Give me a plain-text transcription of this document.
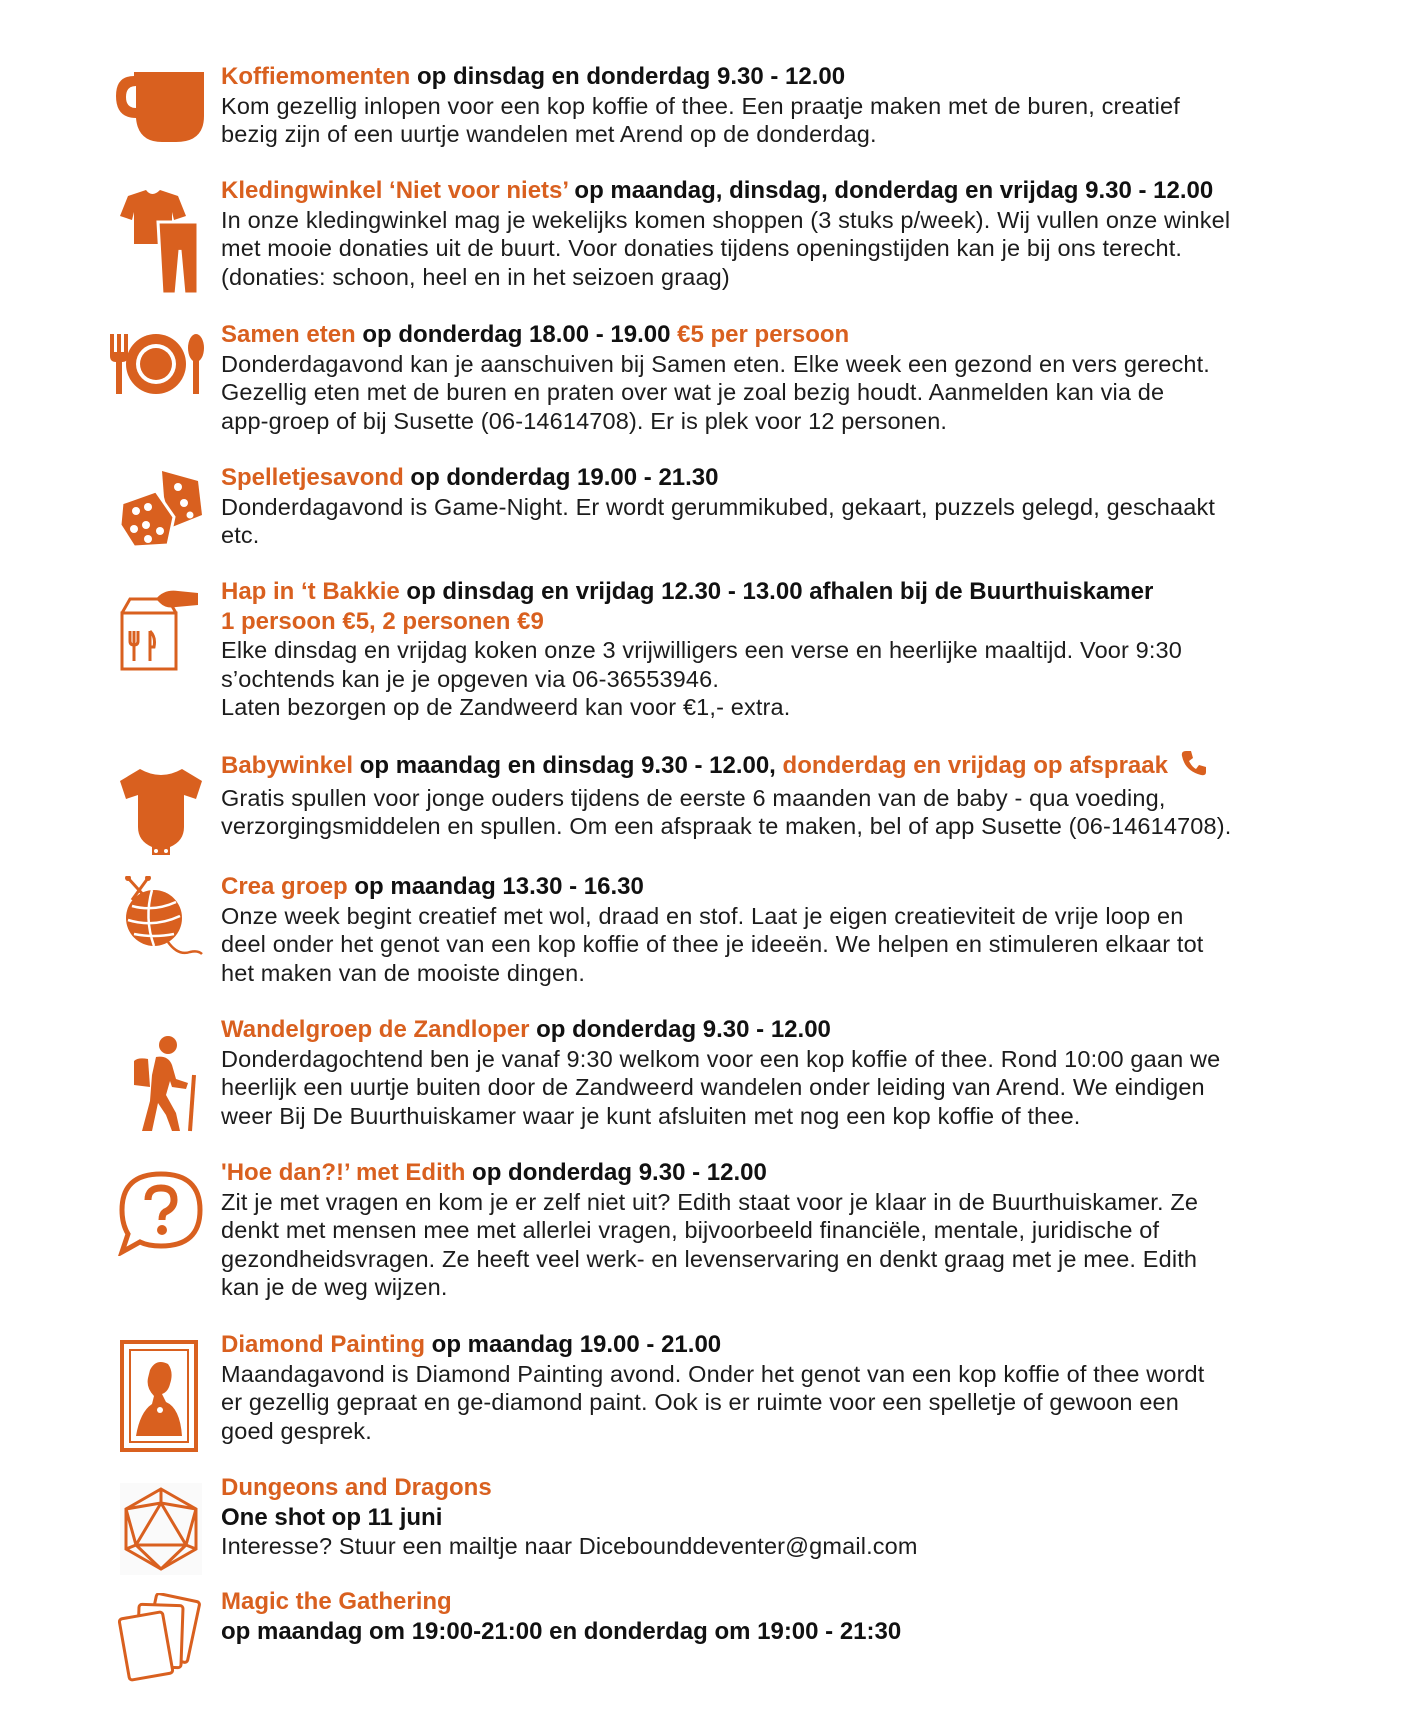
Koffiemomenten op dinsdag en donderdag 9.30 - 12.00
Kom gezellig inlopen voor een kop koffie of thee. Een praatje maken met de buren, creatief
bezig zijn of een uurtje wandelen met Arend op de donderdag.
Kledingwinkel ‘Niet voor niets’ op maandag, dinsdag, donderdag en vrijdag 9.30 - 12.00
In onze kledingwinkel mag je wekelijks komen shoppen (3 stuks p/week). Wij vullen onze winkel
met mooie donaties uit de buurt. Voor donaties tijdens openingstijden kan je bij ons terecht.
(donaties: schoon, heel en in het seizoen graag)
Samen eten op donderdag 18.00 - 19.00 €5 per persoon
Donderdagavond kan je aanschuiven bij Samen eten. Elke week een gezond en vers gerecht.
Gezellig eten met de buren en praten over wat je zoal bezig houdt. Aanmelden kan via de
app-groep of bij Susette (06-14614708). Er is plek voor 12 personen.
Spelletjesavond op donderdag 19.00 - 21.30
Donderdagavond is Game-Night. Er wordt gerummikubed, gekaart, puzzels gelegd, geschaakt
etc.
Hap in ‘t Bakkie op dinsdag en vrijdag 12.30 - 13.00 afhalen bij de Buurthuiskamer
1 persoon €5, 2 personen €9
Elke dinsdag en vrijdag koken onze 3 vrijwilligers een verse en heerlijke maaltijd. Voor 9:30
s’ochtends kan je je opgeven via 06-36553946.
Laten bezorgen op de Zandweerd kan voor €1,- extra.
Babywinkel op maandag en dinsdag 9.30 - 12.00, donderdag en vrijdag op afspraak
Gratis spullen voor jonge ouders tijdens de eerste 6 maanden van de baby - qua voeding,
verzorgingsmiddelen en spullen. Om een afspraak te maken, bel of app Susette (06-14614708).
Crea groep op maandag 13.30 - 16.30
Onze week begint creatief met wol, draad en stof. Laat je eigen creatieviteit de vrije loop en
deel onder het genot van een kop koffie of thee je ideeën. We helpen en stimuleren elkaar tot
het maken van de mooiste dingen.
Wandelgroep de Zandloper op donderdag 9.30 - 12.00
Donderdagochtend ben je vanaf 9:30 welkom voor een kop koffie of thee. Rond 10:00 gaan we
heerlijk een uurtje buiten door de Zandweerd wandelen onder leiding van Arend. We eindigen
weer Bij De Buurthuiskamer waar je kunt afsluiten met nog een kop koffie of thee.
'Hoe dan?!’ met Edith op donderdag 9.30 - 12.00
Zit je met vragen en kom je er zelf niet uit? Edith staat voor je klaar in de Buurthuiskamer. Ze
denkt met mensen mee met allerlei vragen, bijvoorbeeld financiële, mentale, juridische of
gezondheidsvragen. Ze heeft veel werk- en levenservaring en denkt graag met je mee. Edith
kan je de weg wijzen.
Diamond Painting op maandag 19.00 - 21.00
Maandagavond is Diamond Painting avond. Onder het genot van een kop koffie of thee wordt
er gezellig gepraat en ge-diamond paint. Ook is er ruimte voor een spelletje of gewoon een
goed gesprek.
Dungeons and Dragons
One shot op 11 juni
Interesse? Stuur een mailtje naar Dicebounddeventer@gmail.com
Magic the Gathering
op maandag om 19:00-21:00 en donderdag om 19:00 - 21:30
